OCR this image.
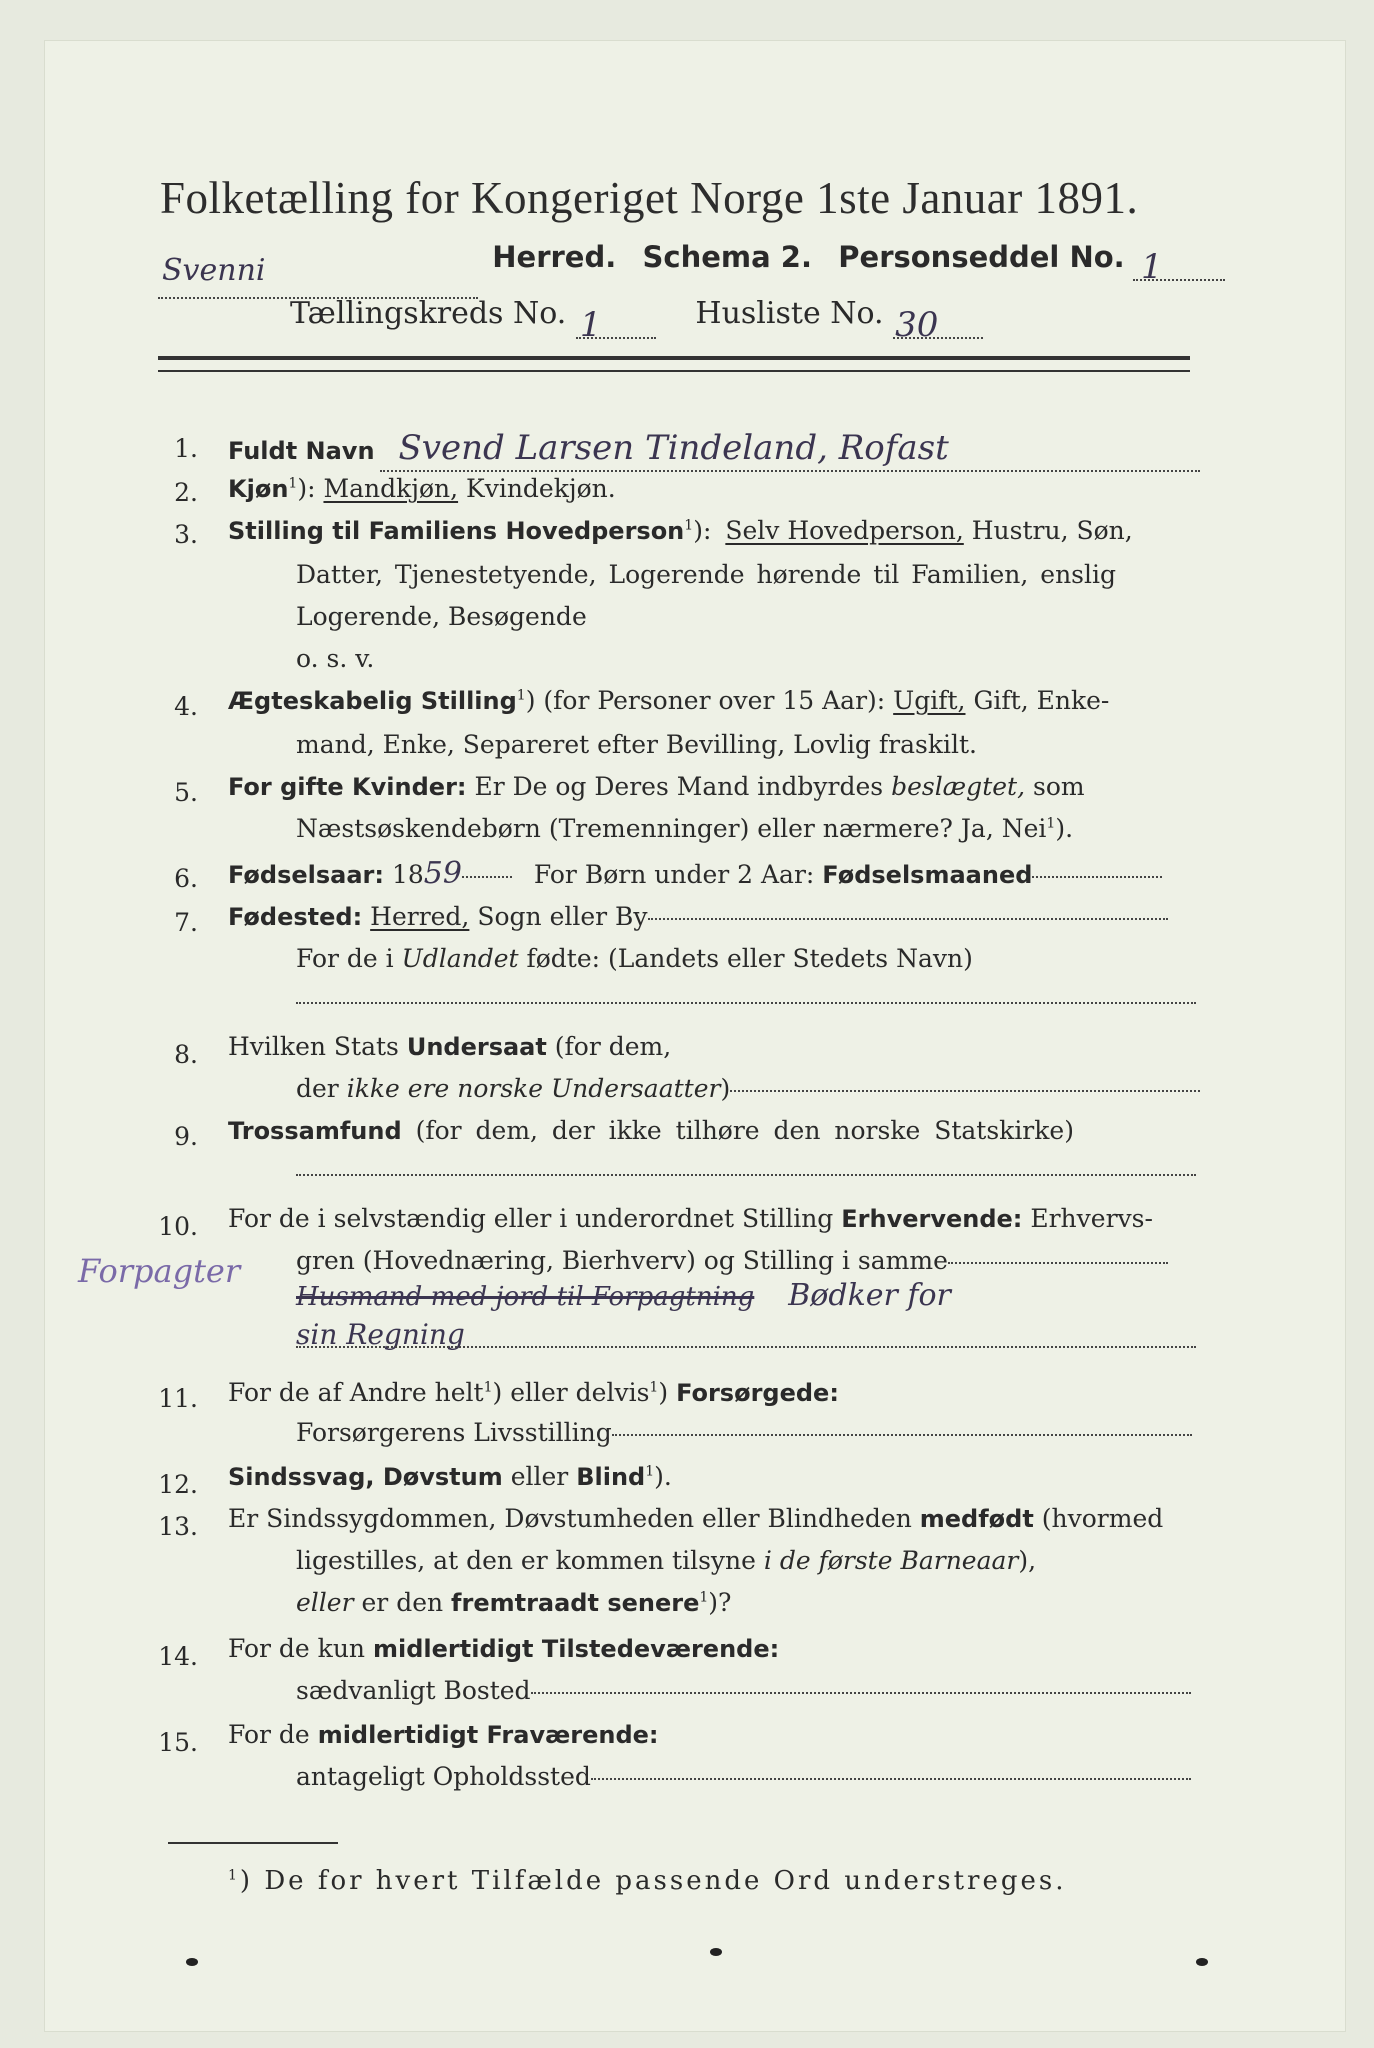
Folketælling for Kongeriget Norge 1ste Januar 1891.
Svenni	Herred. Schema 2. Personseddel No. 1
Tællingskreds No. 1	Husliste No. 30
1. Fuldt Navn Svend Larsen Tindeland, Rofast
2. Kjøn$^1$): Mandkjøn, Kvindekjøn.
3. Stilling til Familiens Hovedperson$^1$): Selv Hovedperson, Hustru, Søn,
Datter, Tjenestetyende, Logerende hørende til Familien, enslig
Logerende, Besøgende
o. s. v.
4. Ægteskabelig Stilling$^1$) (for Personer over 15 Aar): Ugift, Gift, Enke-
mand, Enke, Separeret efter Bevilling, Lovlig fraskilt.
5. For gifte Kvinder: Er De og Deres Mand indbyrdes beslægtet, som
Næstsøskendebørn (Tremenninger) eller nærmere? Ja, Nei$^1$).
6. Fødselsaar: 1859	For Børn under 2 Aar: Fødselsmaaned
7. Fødested: Herred, Sogn eller By
For de i Udlandet fødte: (Landets eller Stedets Navn)
8. Hvilken Stats Undersaat (for dem,
der ikke ere norske Undersaatter)
9. Trossamfund (for dem, der ikke tilhøre den norske Statskirke)
10. For de i selvstændig eller i underordnet Stilling Erhvervende: Erhvervs-
gren (Hovednæring, Bierhverv) og Stilling i samme
Forpagter
Husmand med jord til Forpagtning Bødker for
sin Regning
11. For de af Andre helt$^1$) eller delvis$^1$) Forsørgede:
Forsørgerens Livsstilling
12. Sindssvag, Døvstum eller Blind$^1$).
13. Er Sindssygdommen, Døvstumheden eller Blindheden medfødt (hvormed
ligestilles, at den er kommen tilsyne i de første Barneaar),
eller er den fremtraadt senere$^1$)?
14. For de kun midlertidigt Tilstedeværende:
sædvanligt Bosted
15. For de midlertidigt Fraværende:
antageligt Opholdssted
$^1$) De for hvert Tilfælde passende Ord understreges.
